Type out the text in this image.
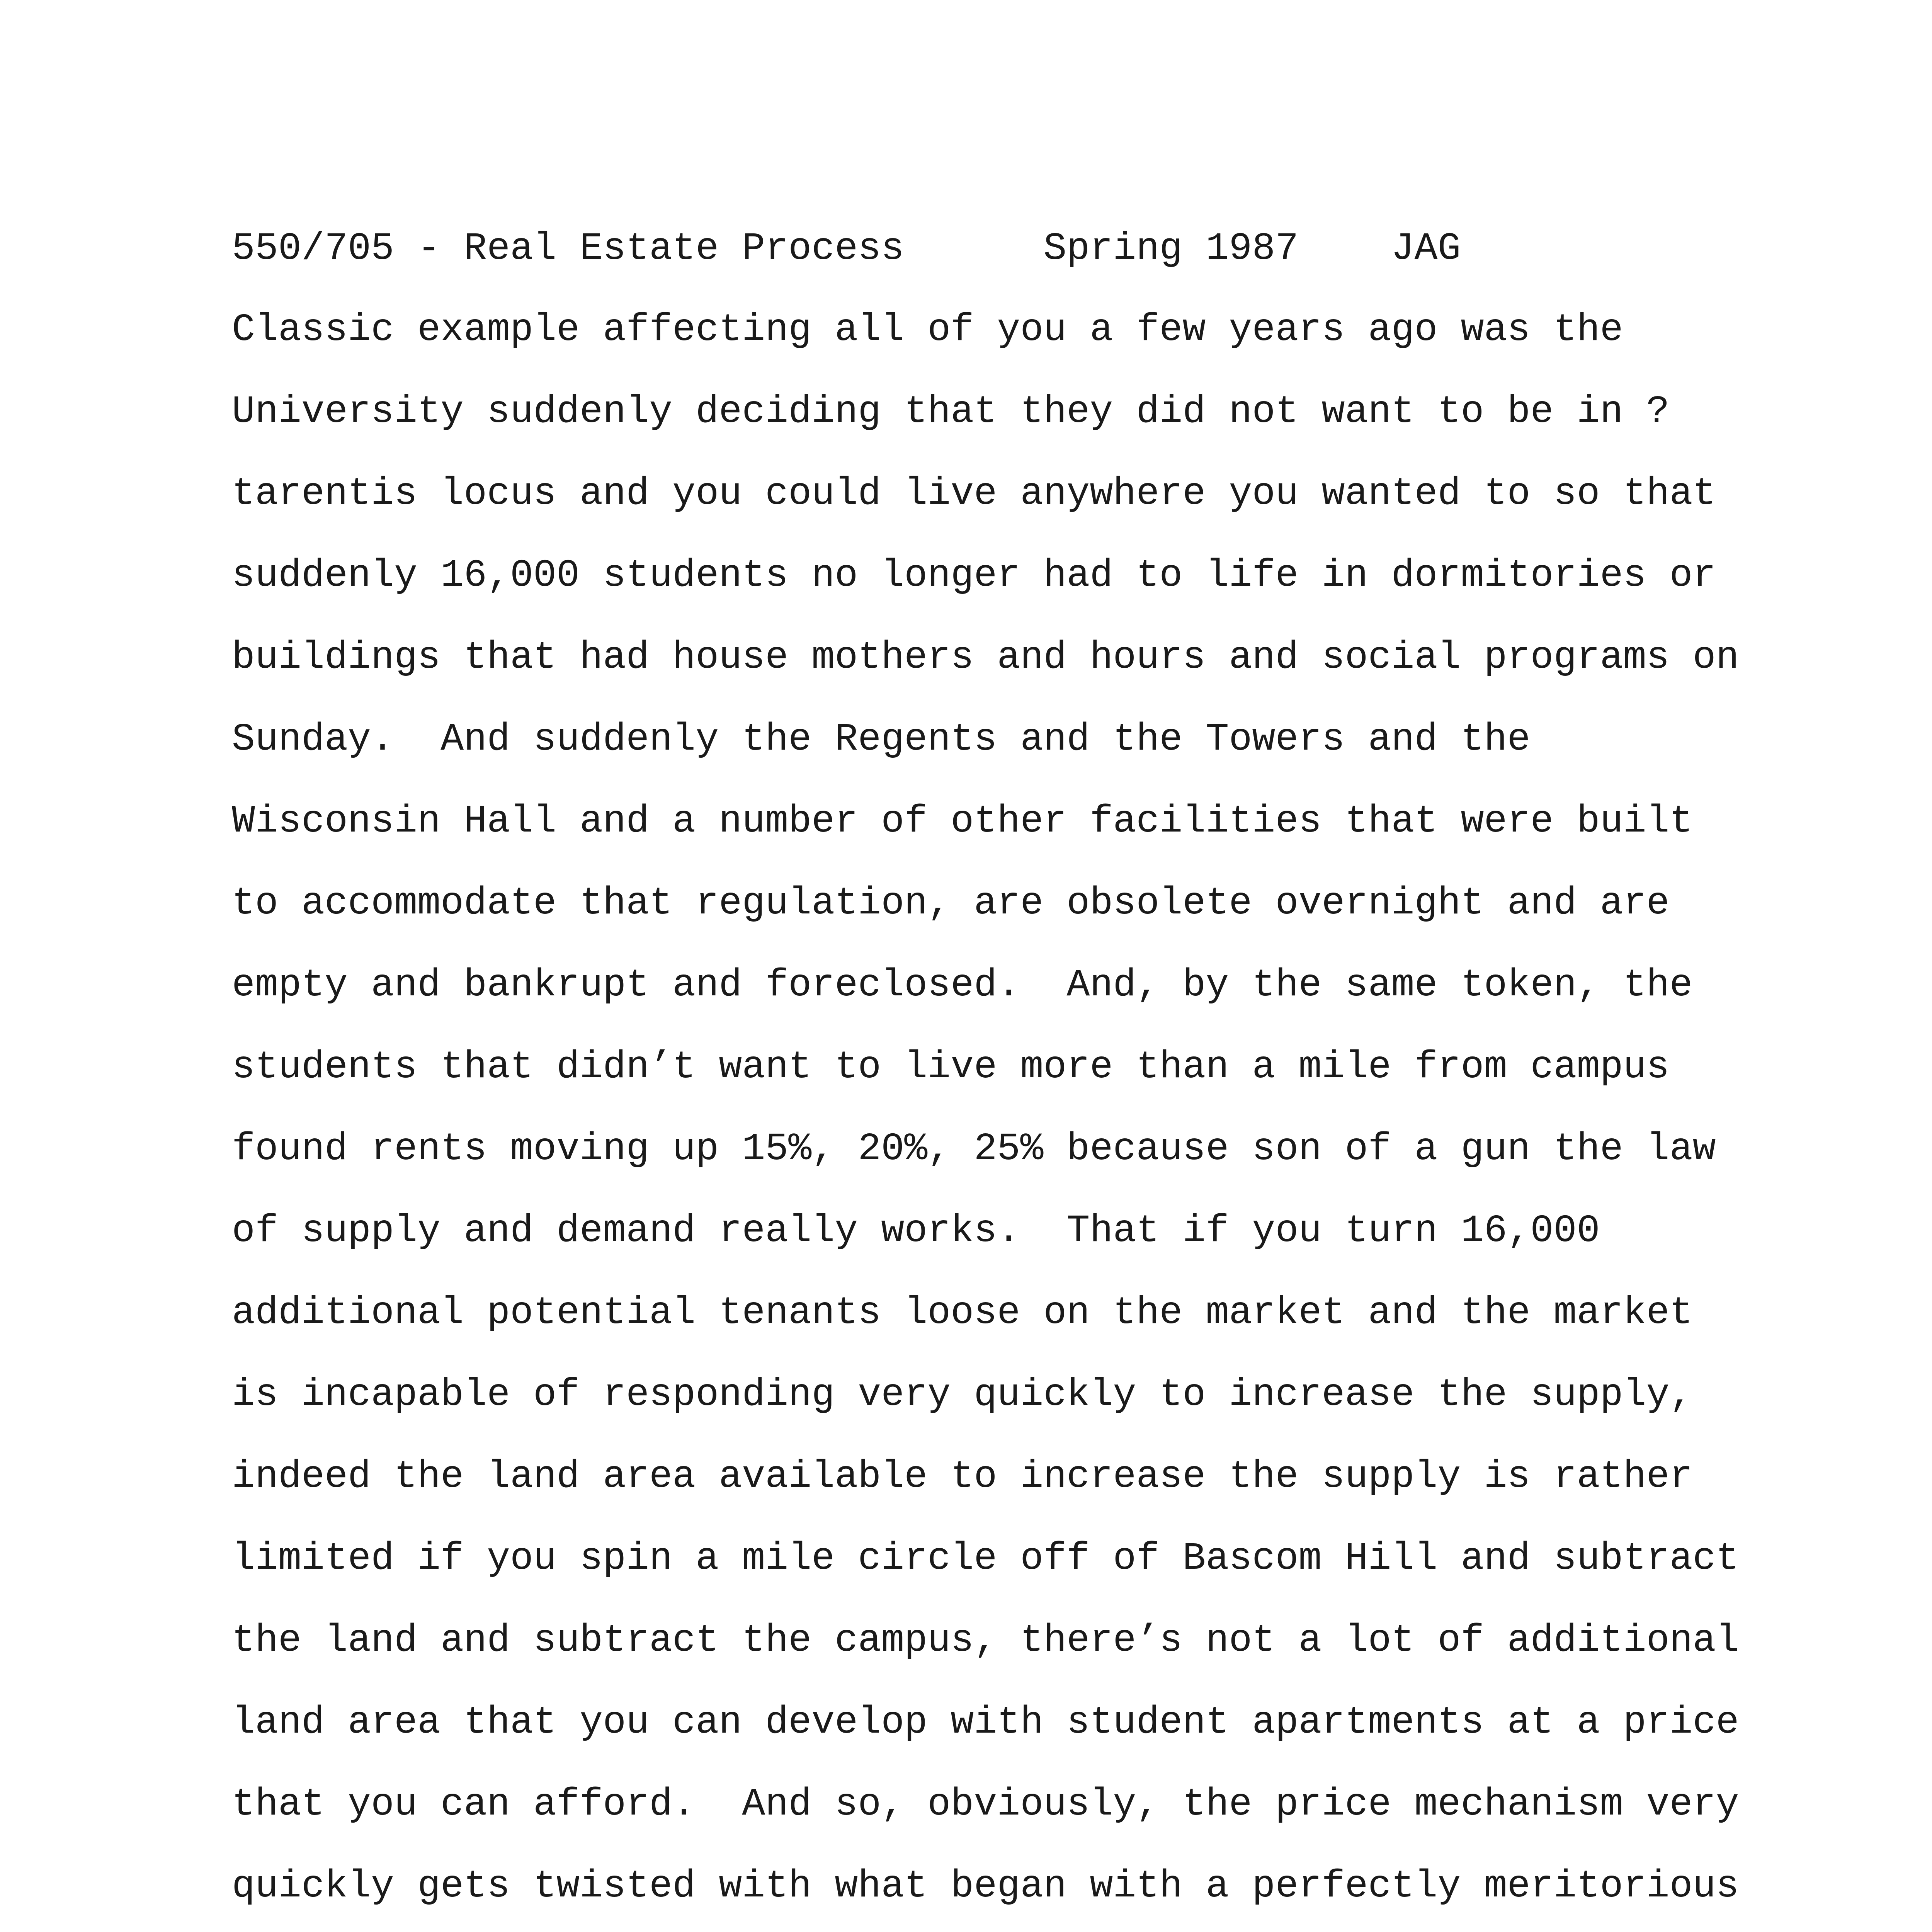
550/705 - Real Estate Process      Spring 1987    JAG
Classic example affecting all of you a few years ago was the
University suddenly deciding that they did not want to be in ?
tarentis locus and you could live anywhere you wanted to so that
suddenly 16,000 students no longer had to life in dormitories or
buildings that had house mothers and hours and social programs on
Sunday.  And suddenly the Regents and the Towers and the
Wisconsin Hall and a number of other facilities that were built
to accommodate that regulation, are obsolete overnight and are
empty and bankrupt and foreclosed.  And, by the same token, the
students that didn’t want to live more than a mile from campus
found rents moving up 15%, 20%, 25% because son of a gun the law
of supply and demand really works.  That if you turn 16,000
additional potential tenants loose on the market and the market
is incapable of responding very quickly to increase the supply,
indeed the land area available to increase the supply is rather
limited if you spin a mile circle off of Bascom Hill and subtract
the land and subtract the campus, there’s not a lot of additional
land area that you can develop with student apartments at a price
that you can afford.  And so, obviously, the price mechanism very
quickly gets twisted with what began with a perfectly meritorious
